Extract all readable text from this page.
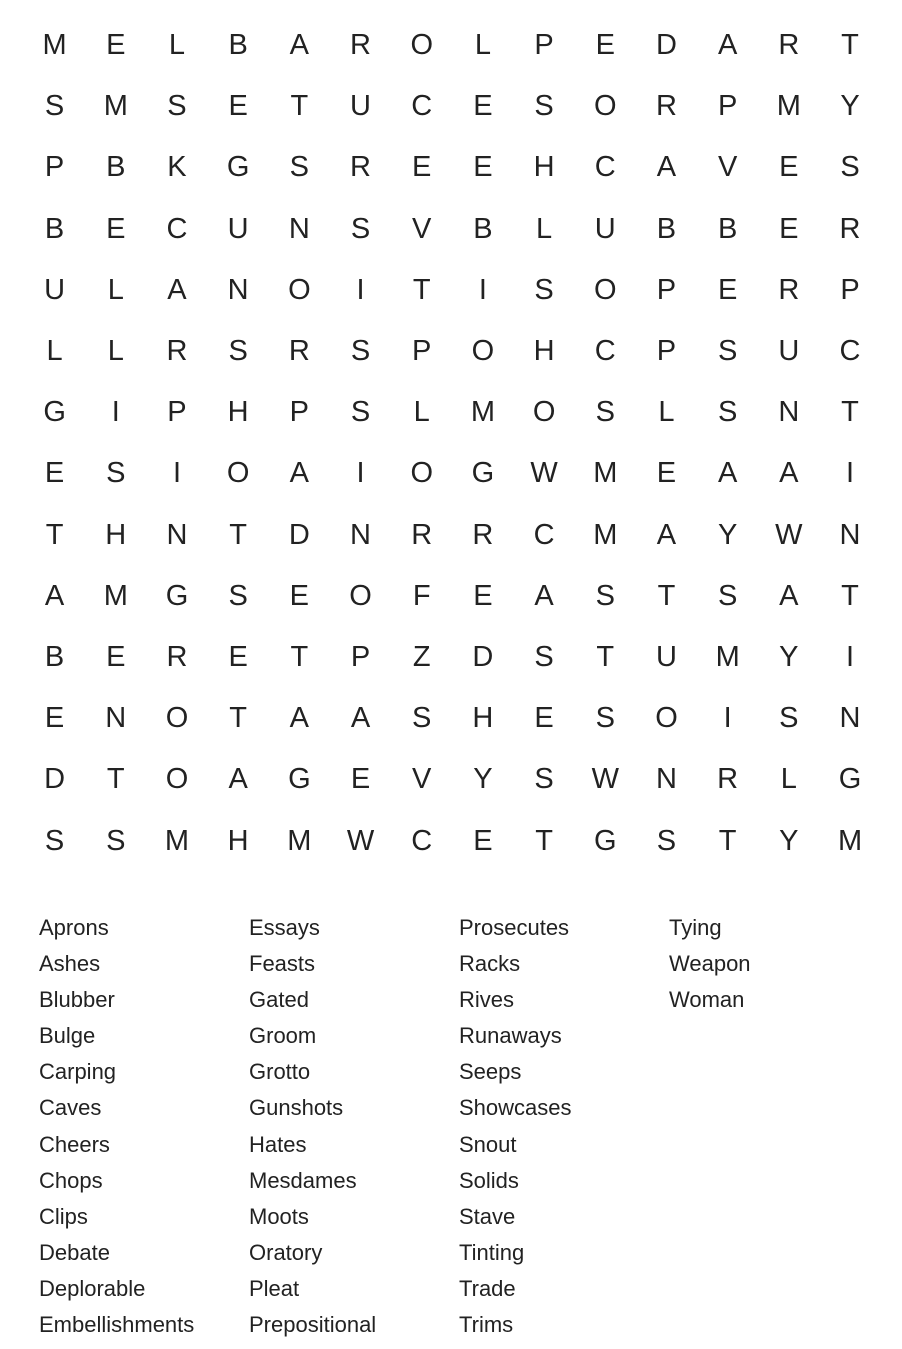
M	E	L	B	A	R	O	L	P	E	D	A	R	T
S	M	S	E	T	U	C	E	S	O	R	P	M	Y
P	B	K	G	S	R	E	E	H	C	A	V	E	S
B	E	C	U	N	S	V	B	L	U	B	B	E	R
U	L	A	N	O	I	T	I	S	O	P	E	R	P
L	L	R	S	R	S	P	O	H	C	P	S	U	C
G	I	P	H	P	S	L	M	O	S	L	S	N	T
E	S	I	O	A	I	O	G	W	M	E	A	A	I
T	H	N	T	D	N	R	R	C	M	A	Y	W	N
A	M	G	S	E	O	F	E	A	S	T	S	A	T
B	E	R	E	T	P	Z	D	S	T	U	M	Y	I
E	N	O	T	A	A	S	H	E	S	O	I	S	N
D	T	O	A	G	E	V	Y	S	W	N	R	L	G
S	S	M	H	M	W	C	E	T	G	S	T	Y	M
Aprons
Ashes
Blubber
Bulge
Carping
Caves
Cheers
Chops
Clips
Debate
Deplorable
Embellishments
Essays
Feasts
Gated
Groom
Grotto
Gunshots
Hates
Mesdames
Moots
Oratory
Pleat
Prepositional
Prosecutes
Racks
Rives
Runaways
Seeps
Showcases
Snout
Solids
Stave
Tinting
Trade
Trims
Tying
Weapon
Woman
